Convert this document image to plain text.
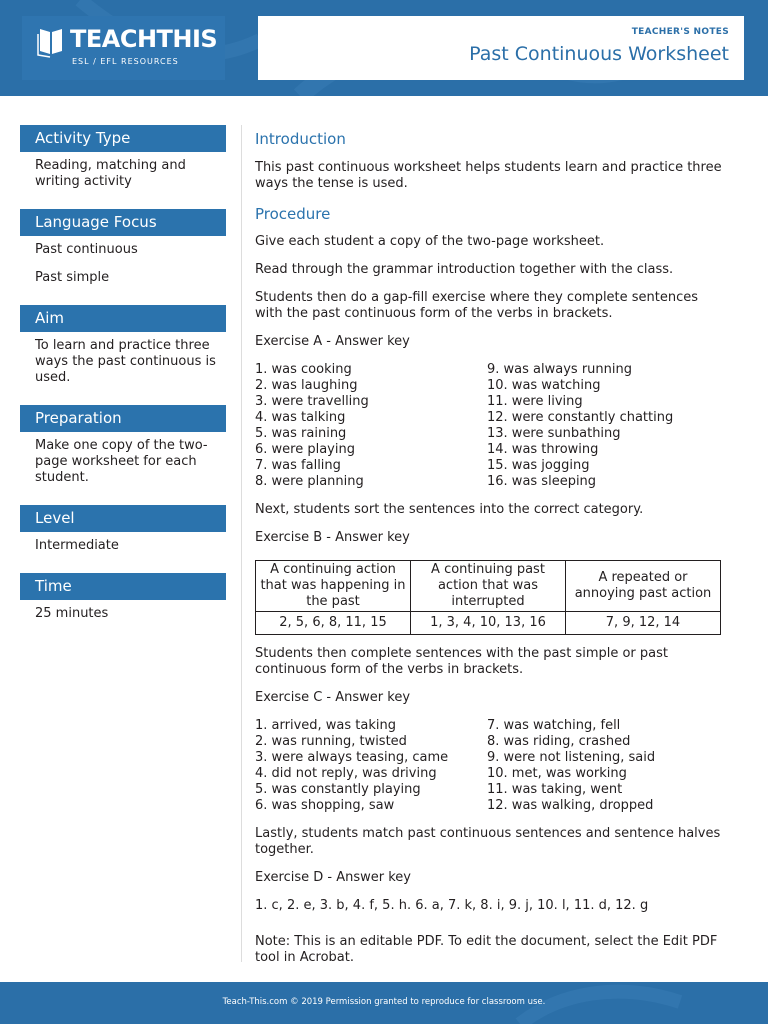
TEACHTHIS
ESL / EFL RESOURCES
TEACHER'S NOTES
Past Continuous Worksheet
Activity Type
Reading, matching and writing activity
Language Focus
Past continuous
Past simple
Aim
To learn and practice three ways the past continuous is used.
Preparation
Make one copy of the two-page worksheet for each student.
Level
Intermediate
Time
25 minutes
Introduction

This past continuous worksheet helps students learn and practice three ways the tense is used.

Procedure

Give each student a copy of the two-page worksheet.

Read through the grammar introduction together with the class.

Students then do a gap-fill exercise where they complete sentences with the past continuous form of the verbs in brackets.

Exercise A - Answer key

1. was cooking
2. was laughing
3. were travelling
4. was talking
5. was raining
6. were playing
7. was falling
8. were planning
9. was always running
10. was watching
11. were living
12. were constantly chatting
13. were sunbathing
14. was throwing
15. was jogging
16. was sleeping

Next, students sort the sentences into the correct category.

Exercise B - Answer key

A continuing action that was happening in the past	A continuing past action that was interrupted	A repeated or annoying past action
2, 5, 6, 8, 11, 15	1, 3, 4, 10, 13, 16	7, 9, 12, 14

Students then complete sentences with the past simple or past continuous form of the verbs in brackets.

Exercise C - Answer key

1. arrived, was taking
2. was running, twisted
3. were always teasing, came
4. did not reply, was driving
5. was constantly playing
6. was shopping, saw
7. was watching, fell
8. was riding, crashed
9. were not listening, said
10. met, was working
11. was taking, went
12. was walking, dropped

Lastly, students match past continuous sentences and sentence halves together.

Exercise D - Answer key

1. c, 2. e, 3. b, 4. f, 5. h. 6. a, 7. k, 8. i, 9. j, 10. l, 11. d, 12. g

Note: This is an editable PDF. To edit the document, select the Edit PDF tool in Acrobat.

Teach-This.com © 2019 Permission granted to reproduce for classroom use.
